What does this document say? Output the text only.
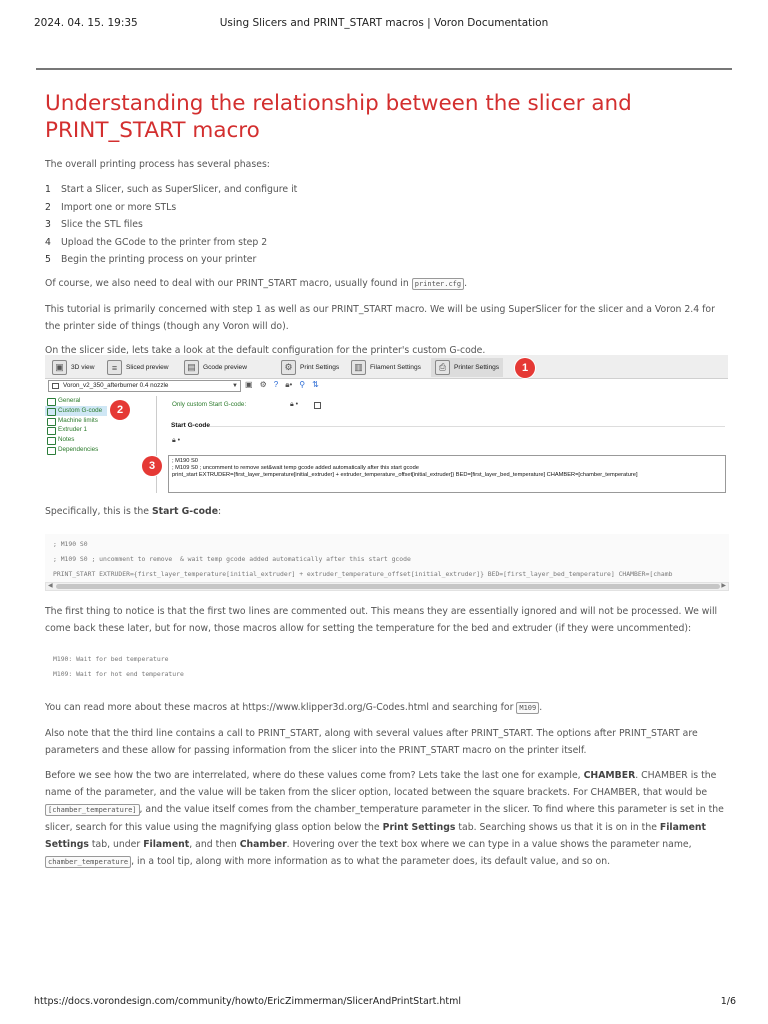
2024. 04. 15. 19:35	Using Slicers and PRINT_START macros | Voron Documentation
Understanding the relationship between the slicer and PRINT_START macro

The overall printing process has several phases:

1 Start a Slicer, such as SuperSlicer, and configure it
2 Import one or more STLs
3 Slice the STL files
4 Upload the GCode to the printer from step 2
5 Begin the printing process on your printer

Of course, we also need to deal with our PRINT_START macro, usually found in printer.cfg .

This tutorial is primarily concerned with step 1 as well as our PRINT_START macro. We will be using SuperSlicer for the slicer and a Voron 2.4 for the printer side of things (though any Voron will do).

On the slicer side, lets take a look at the default configuration for the printer's custom G-code.

▣	3D view	≡	Sliced preview	▤	Gcode preview	⚙	Print Settings	▥	Filament Settings	⎙	Printer Settings	1
Voron_v2_350_afterburner 0.4 nozzle	▼ ▣ ⚙ ? 🔒︎• ⚲ ⇅
General
Custom G-code
Machine limits
Extruder 1
Notes
Dependencies
2	Only custom Start G-code:	🔒︎ •
Start G-code
🔒︎ •
; M190 S0
; M109 S0 ; uncomment to remove set&wait temp gcode added automatically after this start gcode
print_start EXTRUDER={first_layer_temperature[initial_extruder] + extruder_temperature_offset[initial_extruder]} BED=[first_layer_bed_temperature] CHAMBER=[chamber_temperature]
3

Specifically, this is the Start G-code:

; M190 S0
; M109 S0 ; uncomment to remove  & wait temp gcode added automatically after this start gcode
PRINT_START EXTRUDER={first_layer_temperature[initial_extruder] + extruder_temperature_offset[initial_extruder]} BED=[first_layer_bed_temperature] CHAMBER=[chamb
◀	▶

The first thing to notice is that the first two lines are commented out. This means they are essentially ignored and will not be processed. We will come back these later, but for now, those macros allow for setting the temperature for the bed and extruder (if they were uncommented):

M190: Wait for bed temperature
M109: Wait for hot end temperature

You can read more about these macros at https://www.klipper3d.org/G-Codes.html and searching for M109 .

Also note that the third line contains a call to PRINT_START, along with several values after PRINT_START. The options after PRINT_START are parameters and these allow for passing information from the slicer into the PRINT_START macro on the printer itself.

Before we see how the two are interrelated, where do these values come from? Lets take the last one for example, CHAMBER. CHAMBER is the name of the parameter, and the value will be taken from the slicer option, located between the square brackets. For CHAMBER, that would be [chamber_temperature] , and the value itself comes from the chamber_temperature parameter in the slicer. To find where this parameter is set in the slicer, search for this value using the magnifying glass option below the Print Settings tab. Searching shows us that it is on in the Filament Settings tab, under Filament, and then Chamber. Hovering over the text box where we can type in a value shows the parameter name, chamber_temperature , in a tool tip, along with more information as to what the parameter does, its default value, and so on.

https://docs.vorondesign.com/community/howto/EricZimmerman/SlicerAndPrintStart.html	1/6
